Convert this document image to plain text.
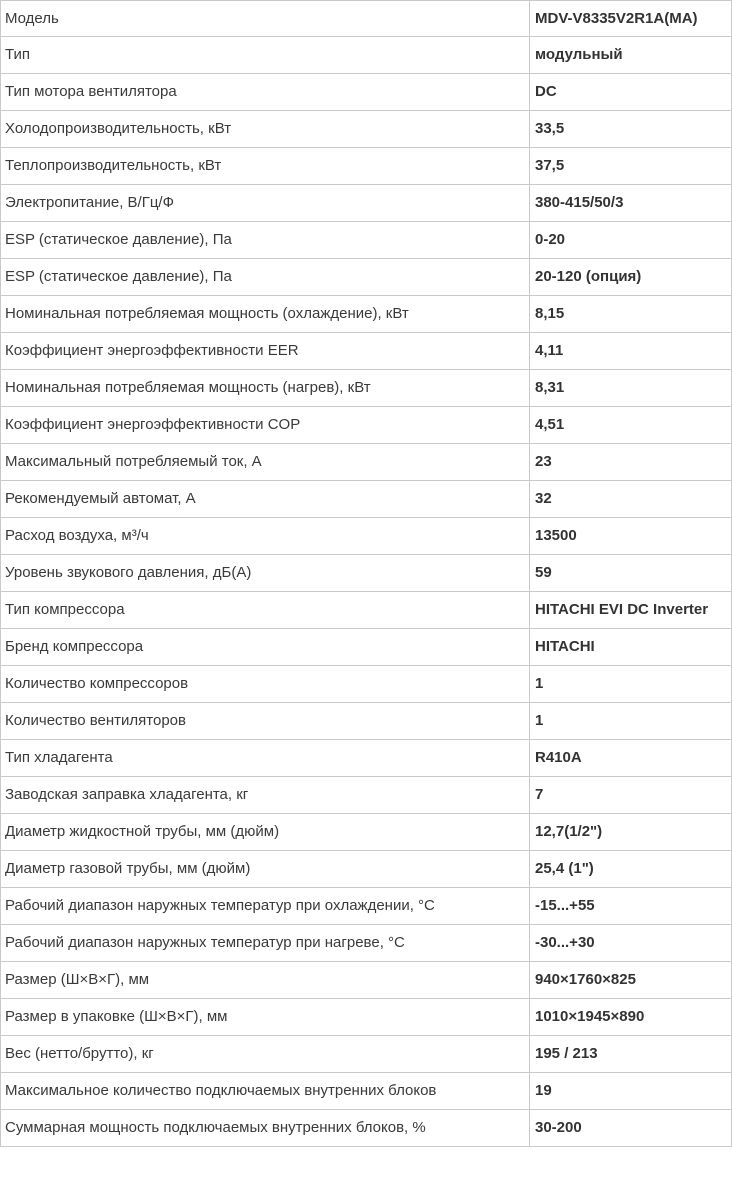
Модель	MDV-V8335V2R1A(MA)
Тип	модульный
Тип мотора вентилятора	DC
Холодопроизводительность, кВт	33,5
Теплопроизводительность, кВт	37,5
Электропитание, В/Гц/Ф	380-415/50/3
ESP (статическое давление), Па	0-20
ESP (статическое давление), Па	20-120 (опция)
Номинальная потребляемая мощность (охлаждение), кВт	8,15
Коэффициент энергоэффективности EER	4,11
Номинальная потребляемая мощность (нагрев), кВт	8,31
Коэффициент энергоэффективности COP	4,51
Максимальный потребляемый ток, А	23
Рекомендуемый автомат, А	32
Расход воздуха, м³/ч	13500
Уровень звукового давления, дБ(А)	59
Тип компрессора	HITACHI EVI DC Inverter
Бренд компрессора	HITACHI
Количество компрессоров	1
Количество вентиляторов	1
Тип хладагента	R410A
Заводская заправка хладагента, кг	7
Диаметр жидкостной трубы, мм (дюйм)	12,7(1/2")
Диаметр газовой трубы, мм (дюйм)	25,4 (1")
Рабочий диапазон наружных температур при охлаждении, °С	-15...+55
Рабочий диапазон наружных температур при нагреве, °С	-30...+30
Размер (Ш×В×Г), мм	940×1760×825
Размер в упаковке (Ш×В×Г), мм	1010×1945×890
Вес (нетто/брутто), кг	195 / 213
Максимальное количество подключаемых внутренних блоков	19
Суммарная мощность подключаемых внутренних блоков, %	30-200
